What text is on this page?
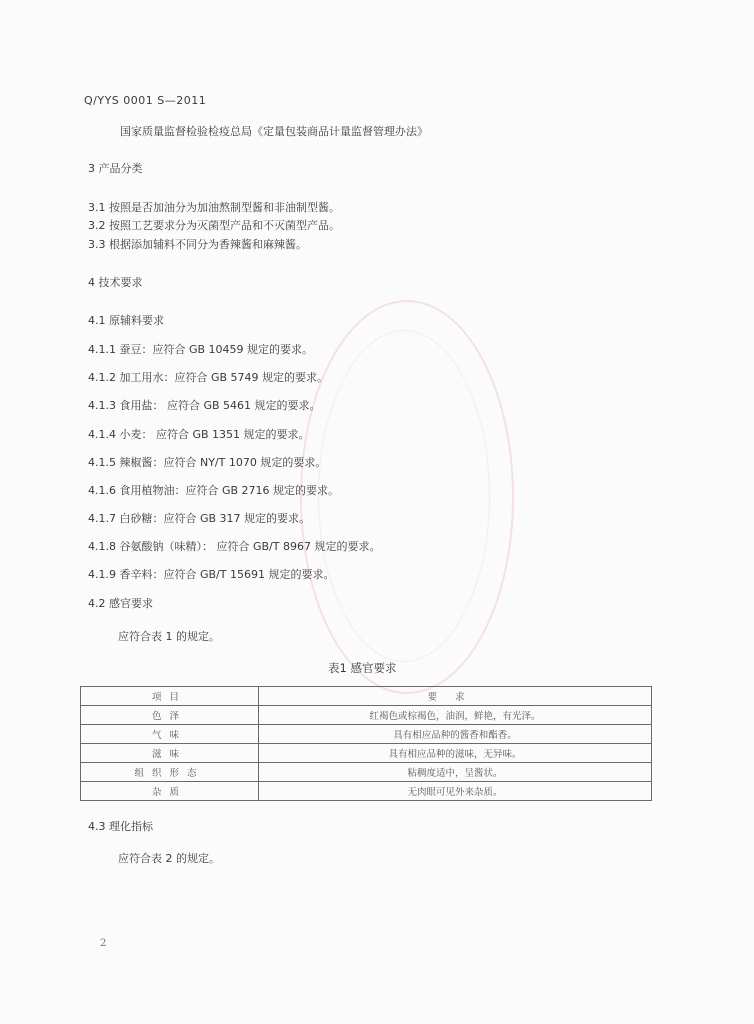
Q/YYS 0001 S—2011
国家质量监督检验检疫总局《定量包装商品计量监督管理办法》
3 产品分类
3.1 按照是否加油分为加油熬制型酱和非油制型酱。
3.2 按照工艺要求分为灭菌型产品和不灭菌型产品。
3.3 根据添加辅料不同分为香辣酱和麻辣酱。
4 技术要求
4.1 原辅料要求
4.1.1 蚕豆：应符合 GB 10459 规定的要求。
4.1.2 加工用水：应符合 GB 5749 规定的要求。
4.1.3 食用盐： 应符合 GB 5461 规定的要求。
4.1.4 小麦： 应符合 GB 1351 规定的要求。
4.1.5 辣椒酱：应符合 NY/T 1070 规定的要求。
4.1.6 食用植物油：应符合 GB 2716 规定的要求。
4.1.7 白砂糖：应符合 GB 317 规定的要求。
4.1.8 谷氨酸钠（味精）： 应符合 GB/T 8967 规定的要求。
4.1.9 香辛料：应符合 GB/T 15691 规定的要求。
4.2 感官要求
应符合表 1 的规定。
表1 感官要求
项目	要求
色泽	红褐色或棕褐色，油润，鲜艳，有光泽。
气味	具有相应品种的酱香和酯香。
滋味	具有相应品种的滋味，无异味。
组织形态	粘稠度适中，呈酱状。
杂质	无肉眼可见外来杂质。
4.3 理化指标
应符合表 2 的规定。
2
